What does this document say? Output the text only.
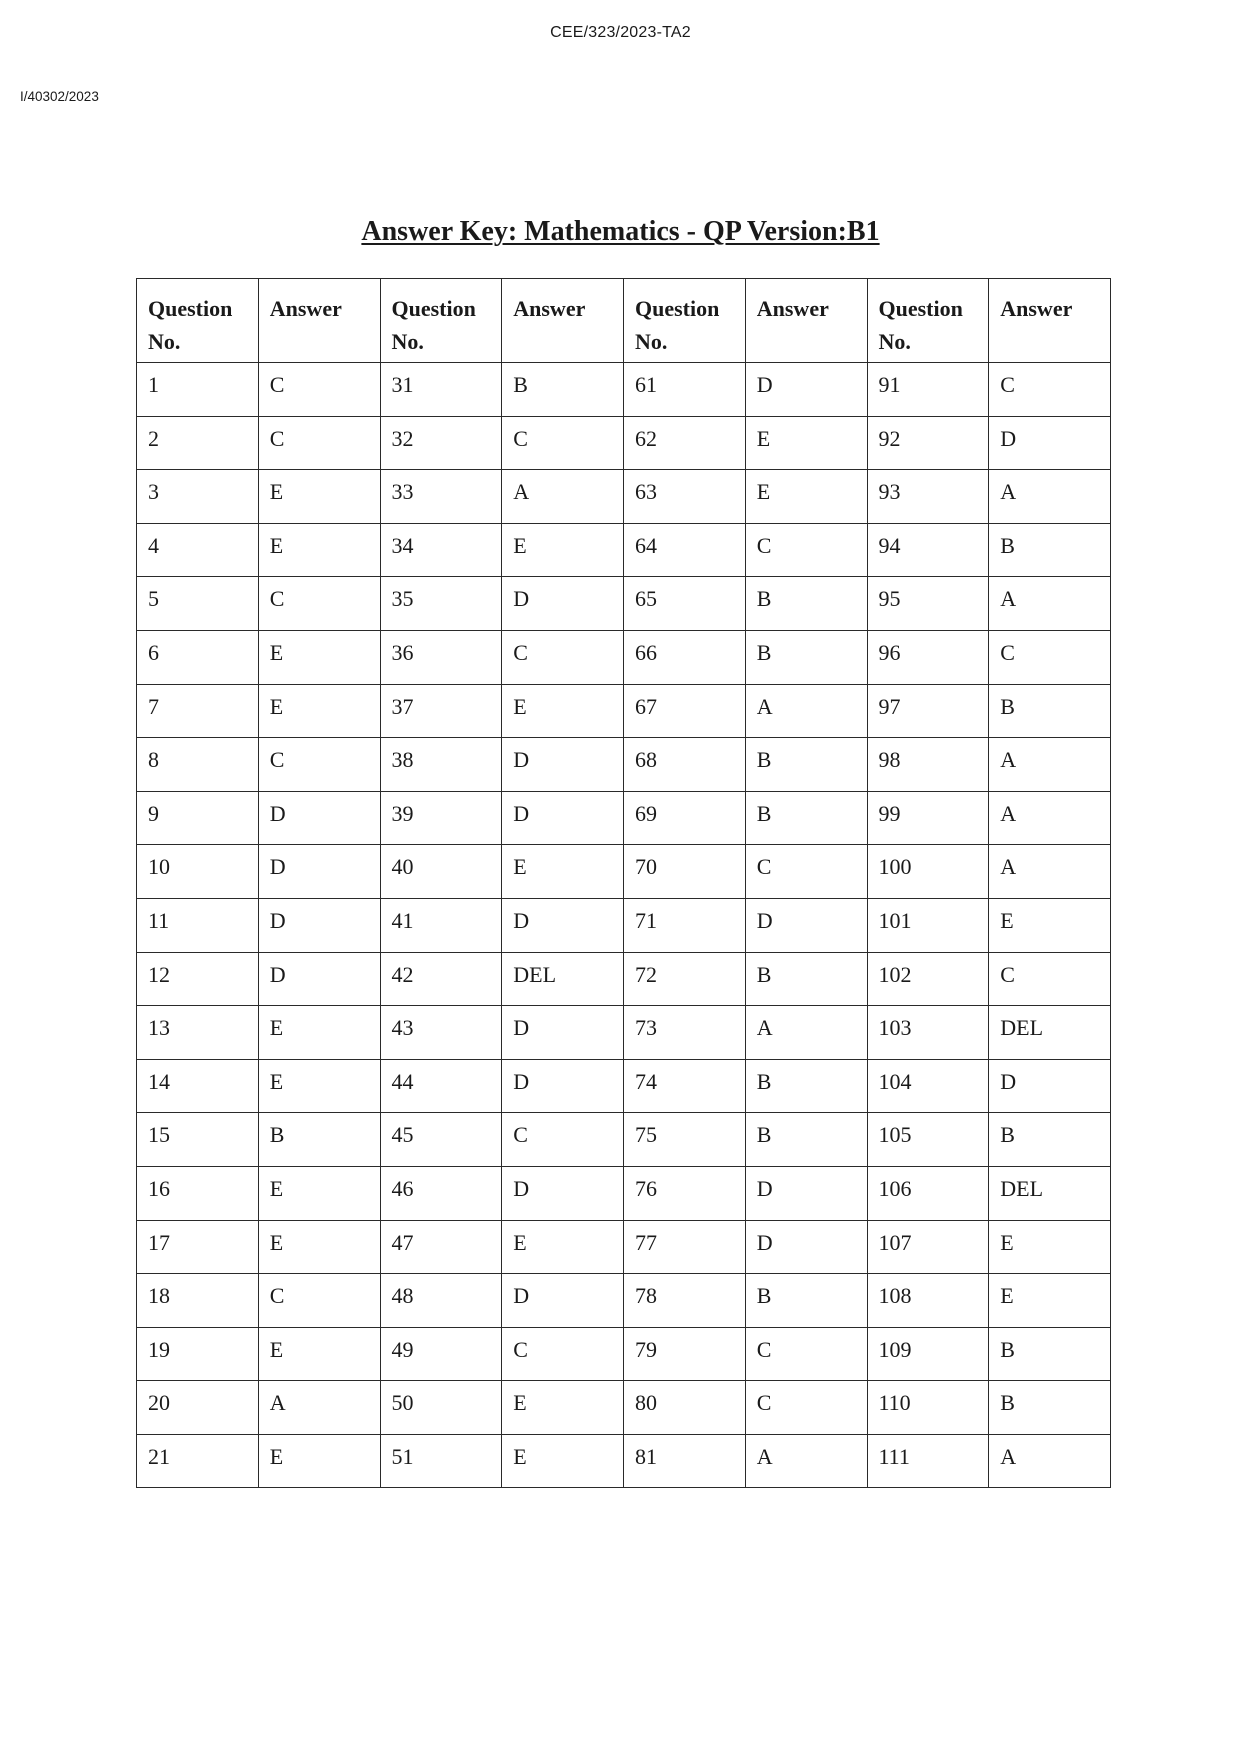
CEE/323/2023-TA2
I/40302/2023
Answer Key: Mathematics - QP Version:B1
Question No.	Answer	Question No.	Answer	Question No.	Answer	Question No.	Answer
1	C	31	B	61	D	91	C
2	C	32	C	62	E	92	D
3	E	33	A	63	E	93	A
4	E	34	E	64	C	94	B
5	C	35	D	65	B	95	A
6	E	36	C	66	B	96	C
7	E	37	E	67	A	97	B
8	C	38	D	68	B	98	A
9	D	39	D	69	B	99	A
10	D	40	E	70	C	100	A
11	D	41	D	71	D	101	E
12	D	42	DEL	72	B	102	C
13	E	43	D	73	A	103	DEL
14	E	44	D	74	B	104	D
15	B	45	C	75	B	105	B
16	E	46	D	76	D	106	DEL
17	E	47	E	77	D	107	E
18	C	48	D	78	B	108	E
19	E	49	C	79	C	109	B
20	A	50	E	80	C	110	B
21	E	51	E	81	A	111	A
